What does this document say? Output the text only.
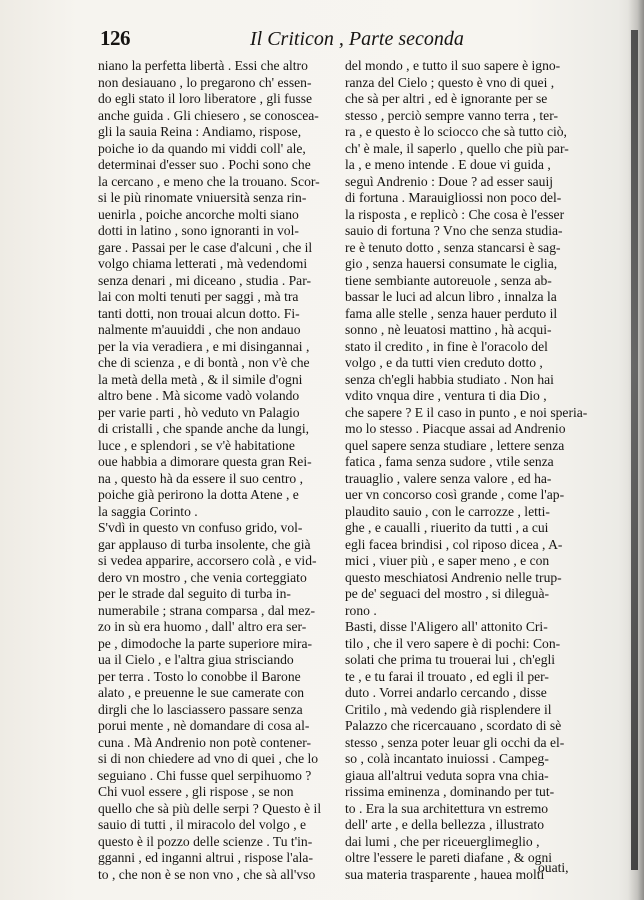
126	Il Criticon , Parte seconda
niano la perfetta libertà . Essi che altro
non desiauano , lo pregarono ch' essen-
do egli stato il loro liberatore , gli fusse
anche guida . Gli chiesero , se conoscea-
gli la sauia Reina : Andiamo, rispose,
poiche io da quando mi viddi coll' ale,
determinai d'esser suo . Pochi sono che
la cercano , e meno che la trouano. Scor-
si le più rinomate vniuersità senza rin-
uenirla , poiche ancorche molti siano
dotti in latino , sono ignoranti in vol-
gare . Passai per le case d'alcuni , che il
volgo chiama letterati , mà vedendomi
senza denari , mi diceano , studia . Par-
lai con molti tenuti per saggi , mà tra
tanti dotti, non trouai alcun dotto. Fi-
nalmente m'auuiddi , che non andauo
per la via veradiera , e mi disingannai ,
che di scienza , e di bontà , non v'è che
la metà della metà , & il simile d'ogni
altro bene . Mà sicome vadò volando
per varie parti , hò veduto vn Palagio
di cristalli , che spande anche da lungi,
luce , e splendori , se v'è habitatione
oue habbia a dimorare questa gran Rei-
na , questo hà da essere il suo centro ,
poiche già perirono la dotta Atene , e
la saggia Corinto .
S'vdì in questo vn confuso grido, vol-
gar applauso di turba insolente, che già
si vedea apparire, accorsero colà , e vid-
dero vn mostro , che venia corteggiato
per le strade dal seguito di turba in-
numerabile ; strana comparsa , dal mez-
zo in sù era huomo , dall' altro era ser-
pe , dimodoche la parte superiore mira-
ua il Cielo , e l'altra giua strisciando
per terra . Tosto lo conobbe il Barone
alato , e preuenne le sue camerate con
dirgli che lo lasciassero passare senza
porui mente , nè domandare di cosa al-
cuna . Mà Andrenio non potè contener-
si di non chiedere ad vno di quei , che lo
seguiano . Chi fusse quel serpihuomo ?
Chi vuol essere , gli rispose , se non
quello che sà più delle serpi ? Questo è il
sauio di tutti , il miracolo del volgo , e
questo è il pozzo delle scienze . Tu t'in-
gganni , ed inganni altrui , rispose l'ala-
to , che non è se non vno , che sà all'vso
del mondo , e tutto il suo sapere è igno-
ranza del Cielo ; questo è vno di quei ,
che sà per altri , ed è ignorante per se
stesso , perciò sempre vanno terra , ter-
ra , e questo è lo sciocco che sà tutto ciò,
ch' è male, il saperlo , quello che più par-
la , e meno intende . E doue vi guida ,
seguì Andrenio : Doue ? ad esser sauij
di fortuna . Marauigliossi non poco del-
la risposta , e replicò : Che cosa è l'esser
sauio di fortuna ? Vno che senza studia-
re è tenuto dotto , senza stancarsi è sag-
gio , senza hauersi consumate le ciglia,
tiene sembiante autoreuole , senza ab-
bassar le luci ad alcun libro , innalza la
fama alle stelle , senza hauer perduto il
sonno , nè leuatosi mattino , hà acqui-
stato il credito , in fine è l'oracolo del
volgo , e da tutti vien creduto dotto ,
senza ch'egli habbia studiato . Non hai
vdito vnqua dire , ventura ti dia Dio ,
che sapere ? E il caso in punto , e noi speria-
mo lo stesso . Piacque assai ad Andrenio
quel sapere senza studiare , lettere senza
fatica , fama senza sudore , vtile senza
trauaglio , valere senza valore , ed ha-
uer vn concorso così grande , come l'ap-
plaudito sauio , con le carrozze , letti-
ghe , e caualli , riuerito da tutti , a cui
egli facea brindisi , col riposo dicea , A-
mici , viuer più , e saper meno , e con
questo meschiatosi Andrenio nelle trup-
pe de' seguaci del mostro , si dileguà-
rono .
Basti, disse l'Aligero all' attonito Cri-
tilo , che il vero sapere è di pochi: Con-
solati che prima tu trouerai lui , ch'egli
te , e tu farai il trouato , ed egli il per-
duto . Vorrei andarlo cercando , disse
Critilo , mà vedendo già risplendere il
Palazzo che ricercauano , scordato di sè
stesso , senza poter leuar gli occhi da el-
so , colà incantato inuiossi . Campeg-
giaua all'altrui veduta sopra vna chia-
rissima eminenza , dominando per tut-
to . Era la sua architettura vn estremo
dell' arte , e della bellezza , illustrato
dai lumi , che per riceuerglimeglio ,
oltre l'essere le pareti diafane , & ogni
sua materia trasparente , hauea molti
ouati,
